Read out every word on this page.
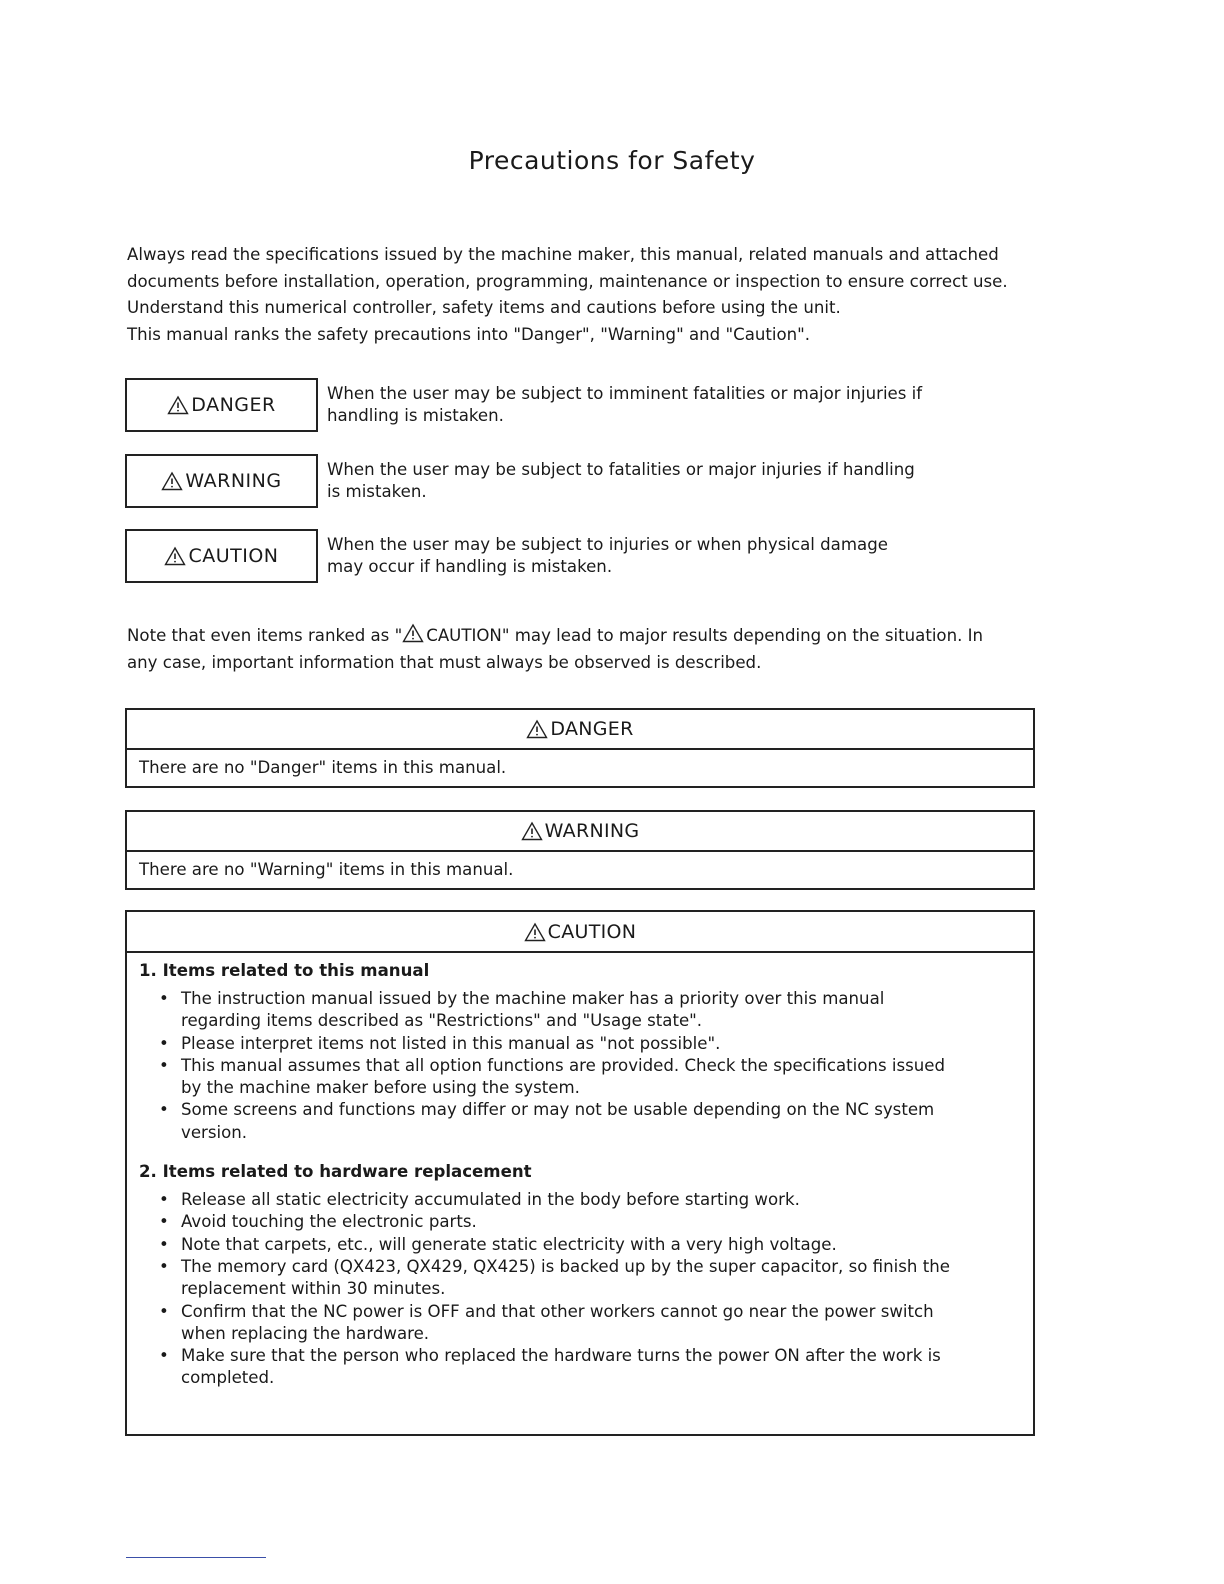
Precautions for Safety

Always read the specifications issued by the machine maker, this manual, related manuals and attached

documents before installation, operation, programming, maintenance or inspection to ensure correct use.

Understand this numerical controller, safety items and cautions before using the unit.

This manual ranks the safety precautions into "Danger", "Warning" and "Caution".

DANGER
When the user may be subject to imminent fatalities or major injuries if
handling is mistaken.
WARNING
When the user may be subject to fatalities or major injuries if handling
is mistaken.
CAUTION
When the user may be subject to injuries or when physical damage
may occur if handling is mistaken.

Note that even items ranked as " CAUTION" may lead to major results depending on the situation. In

any case, important information that must always be observed is described.

DANGER
There are no "Danger" items in this manual.
WARNING
There are no "Warning" items in this manual.
CAUTION
1. Items related to this manual
• The instruction manual issued by the machine maker has a priority over this manual
regarding items described as "Restrictions" and "Usage state".
• Please interpret items not listed in this manual as "not possible".
• This manual assumes that all option functions are provided. Check the specifications issued
by the machine maker before using the system.
• Some screens and functions may differ or may not be usable depending on the NC system
version.
2. Items related to hardware replacement
• Release all static electricity accumulated in the body before starting work.
• Avoid touching the electronic parts.
• Note that carpets, etc., will generate static electricity with a very high voltage.
• The memory card (QX423, QX429, QX425) is backed up by the super capacitor, so finish the
replacement within 30 minutes.
• Confirm that the NC power is OFF and that other workers cannot go near the power switch
when replacing the hardware.
• Make sure that the person who replaced the hardware turns the power ON after the work is
completed.
